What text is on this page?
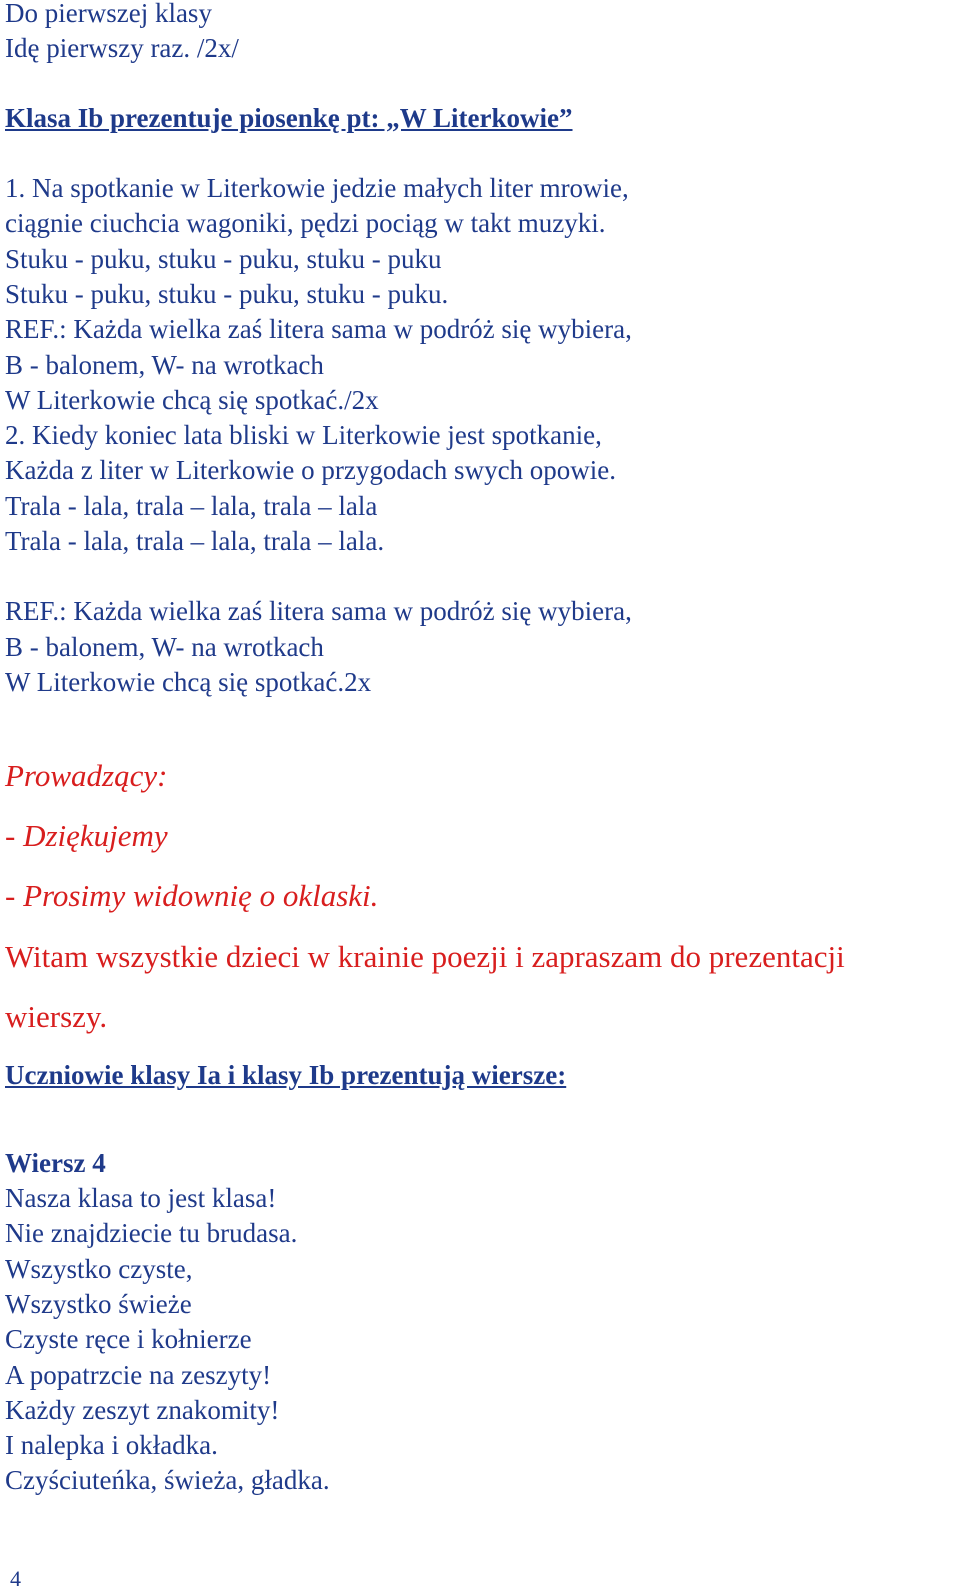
Do pierwszej klasy
Idę pierwszy raz. /2x/
Klasa Ib prezentuje piosenkę pt: „W Literkowie”
1. Na spotkanie w Literkowie jedzie małych liter mrowie,
ciągnie ciuchcia wagoniki, pędzi pociąg w takt muzyki.
Stuku - puku, stuku - puku, stuku - puku
Stuku - puku, stuku - puku, stuku - puku.
REF.: Każda wielka zaś litera sama w podróż się wybiera,
B - balonem, W- na wrotkach
W Literkowie chcą się spotkać./2x
2. Kiedy koniec lata bliski w Literkowie jest spotkanie,
Każda z liter w Literkowie o przygodach swych opowie.
Trala - lala, trala – lala, trala – lala
Trala - lala, trala – lala, trala – lala.
REF.: Każda wielka zaś litera sama w podróż się wybiera,
B - balonem, W- na wrotkach
W Literkowie chcą się spotkać.2x
Prowadzący:
- Dziękujemy
- Prosimy widownię o oklaski.
Witam wszystkie dzieci w krainie poezji i zapraszam do prezentacji
wierszy.
Uczniowie klasy Ia i klasy Ib prezentują wiersze:
Wiersz 4
Nasza klasa to jest klasa!
Nie znajdziecie tu brudasa.
Wszystko czyste,
Wszystko świeże
Czyste ręce i kołnierze
A popatrzcie na zeszyty!
Każdy zeszyt znakomity!
I nalepka i okładka.
Czyściuteńka, świeża, gładka.
4
